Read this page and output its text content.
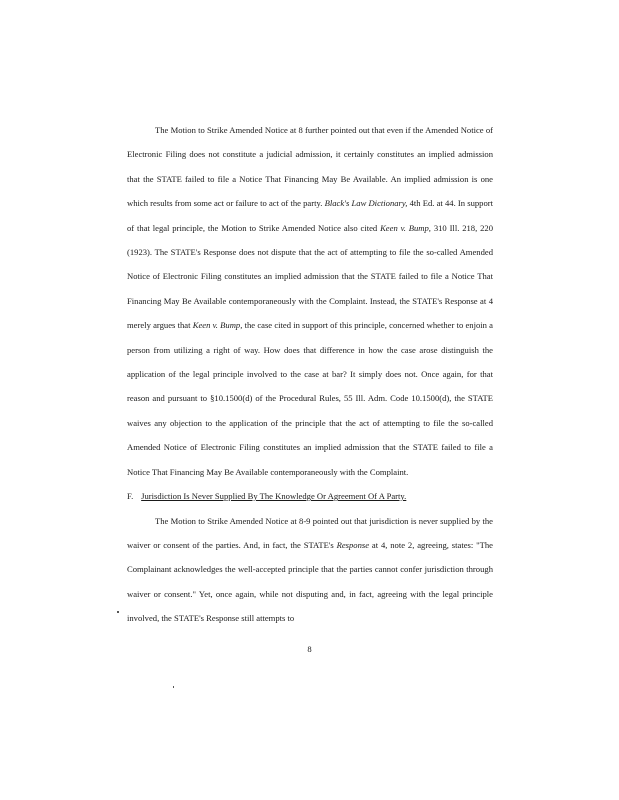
The Motion to Strike Amended Notice at 8 further pointed out that even if the Amended Notice of Electronic Filing does not constitute a judicial admission, it certainly constitutes an implied admission that the STATE failed to file a Notice That Financing May Be Available. An implied admission is one which results from some act or failure to act of the party. Black's Law Dictionary, 4th Ed. at 44. In support of that legal principle, the Motion to Strike Amended Notice also cited Keen v. Bump, 310 Ill. 218, 220 (1923). The STATE's Response does not dispute that the act of attempting to file the so-called Amended Notice of Electronic Filing constitutes an implied admission that the STATE failed to file a Notice That Financing May Be Available contemporaneously with the Complaint. Instead, the STATE's Response at 4 merely argues that Keen v. Bump, the case cited in support of this principle, concerned whether to enjoin a person from utilizing a right of way. How does that difference in how the case arose distinguish the application of the legal principle involved to the case at bar? It simply does not. Once again, for that reason and pursuant to §10.1500(d) of the Procedural Rules, 55 Ill. Adm. Code 10.1500(d), the STATE waives any objection to the application of the principle that the act of attempting to file the so-called Amended Notice of Electronic Filing constitutes an implied admission that the STATE failed to file a Notice That Financing May Be Available contemporaneously with the Complaint.

F. Jurisdiction Is Never Supplied By The Knowledge Or Agreement Of A Party.

The Motion to Strike Amended Notice at 8-9 pointed out that jurisdiction is never supplied by the waiver or consent of the parties. And, in fact, the STATE's Response at 4, note 2, agreeing, states: "The Complainant acknowledges the well-accepted principle that the parties cannot confer jurisdiction through waiver or consent." Yet, once again, while not disputing and, in fact, agreeing with the legal principle involved, the STATE's Response still attempts to

8
